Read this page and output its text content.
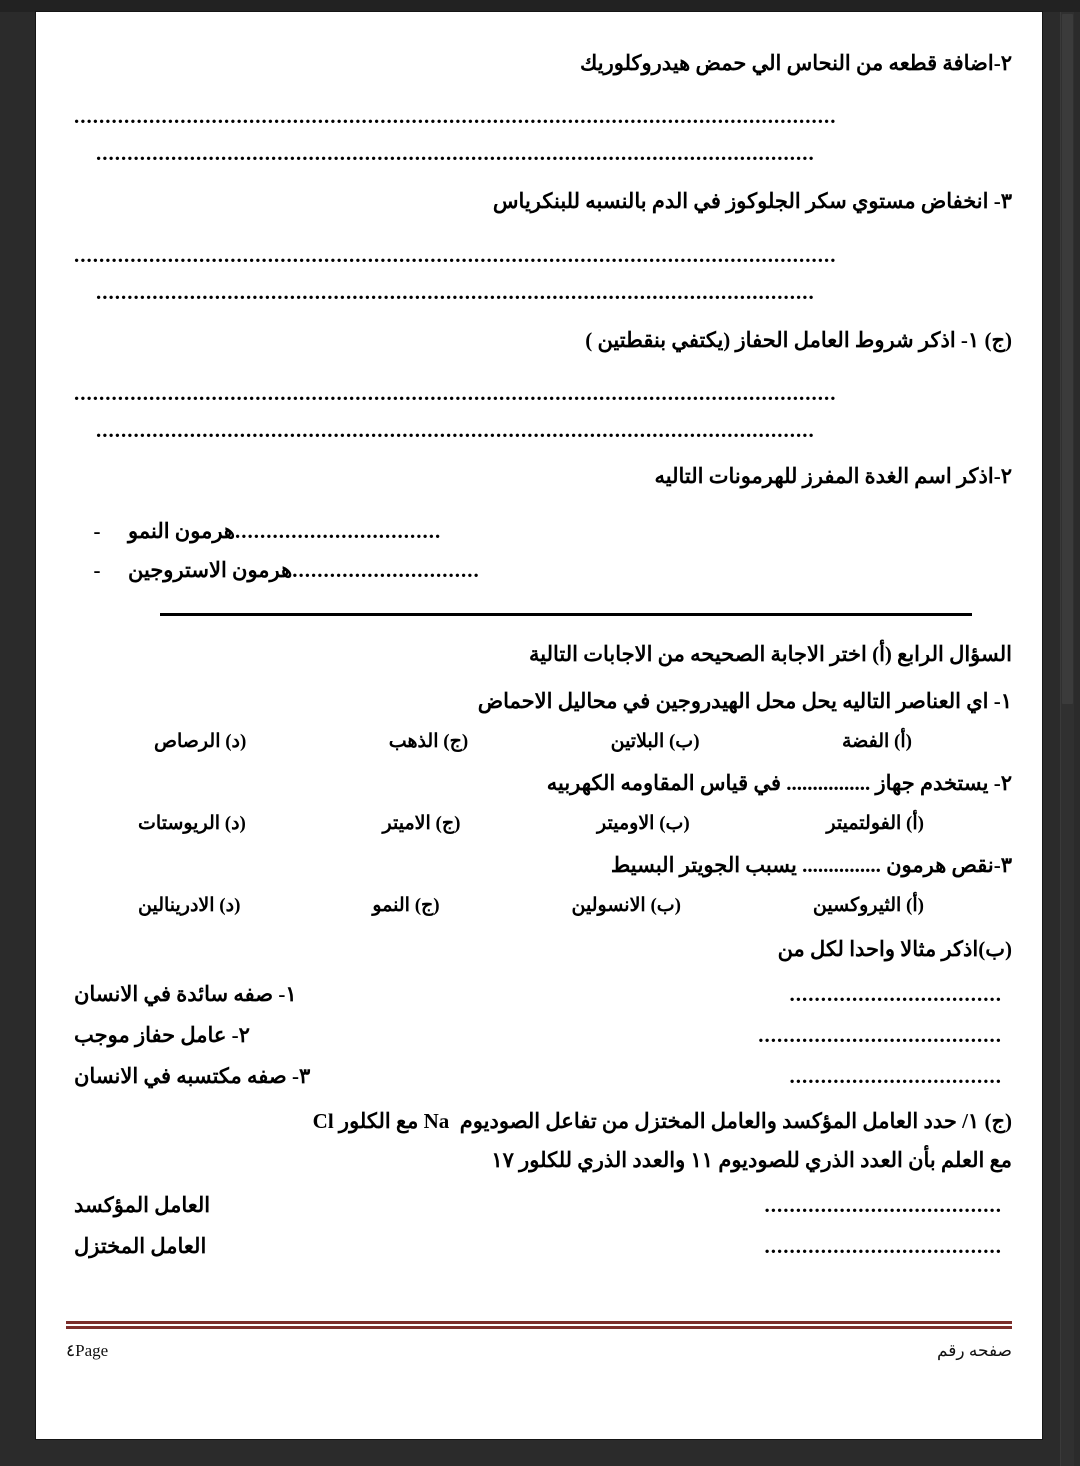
٢-اضافة قطعه من النحاس الي حمض هيدروكلوريك
..........................................................................................................................
...................................................................................................................
٣- انخفاض مستوي سكر الجلوكوز في الدم بالنسبه للبنكرياس
..........................................................................................................................
...................................................................................................................
(ج) ١- اذكر شروط العامل الحفاز (يكتفي بنقطتين )
..........................................................................................................................
...................................................................................................................
٢-اذكر اسم الغدة المفرز للهرمونات التاليه
-	هرمون النمو .................................
-	هرمون الاستروجين ..............................
السؤال الرابع (أ) اختر الاجابة الصحيحه من الاجابات التالية
١- اي العناصر التاليه يحل محل الهيدروجين في محاليل الاحماض
(أ) الفضة
(ب) البلاتين
(ج) الذهب
(د) الرصاص
٢- يستخدم جهاز ................ في قياس المقاومه الكهربيه
(أ) الفولتميتر
(ب) الاوميتر
(ج) الاميتر
(د) الريوستات
٣-نقص هرمون ............... يسبب الجويتر البسيط
(أ) الثيروكسين
(ب) الانسولين
(ج) النمو
(د) الادرينالين
(ب)اذكر مثالا واحدا لكل من
١- صفه سائدة في الانسان	..................................
٢- عامل حفاز موجب	.......................................
٣- صفه مكتسبه في الانسان	..................................
(ج) ١/ حدد العامل المؤكسد والعامل المختزل من تفاعل الصوديوم  Na مع الكلور Cl
مع العلم بأن العدد الذري للصوديوم ١١ والعدد الذري للكلور ١٧
العامل المؤكسد	......................................
العامل المختزل	......................................
صفحه رقم
٤Page
